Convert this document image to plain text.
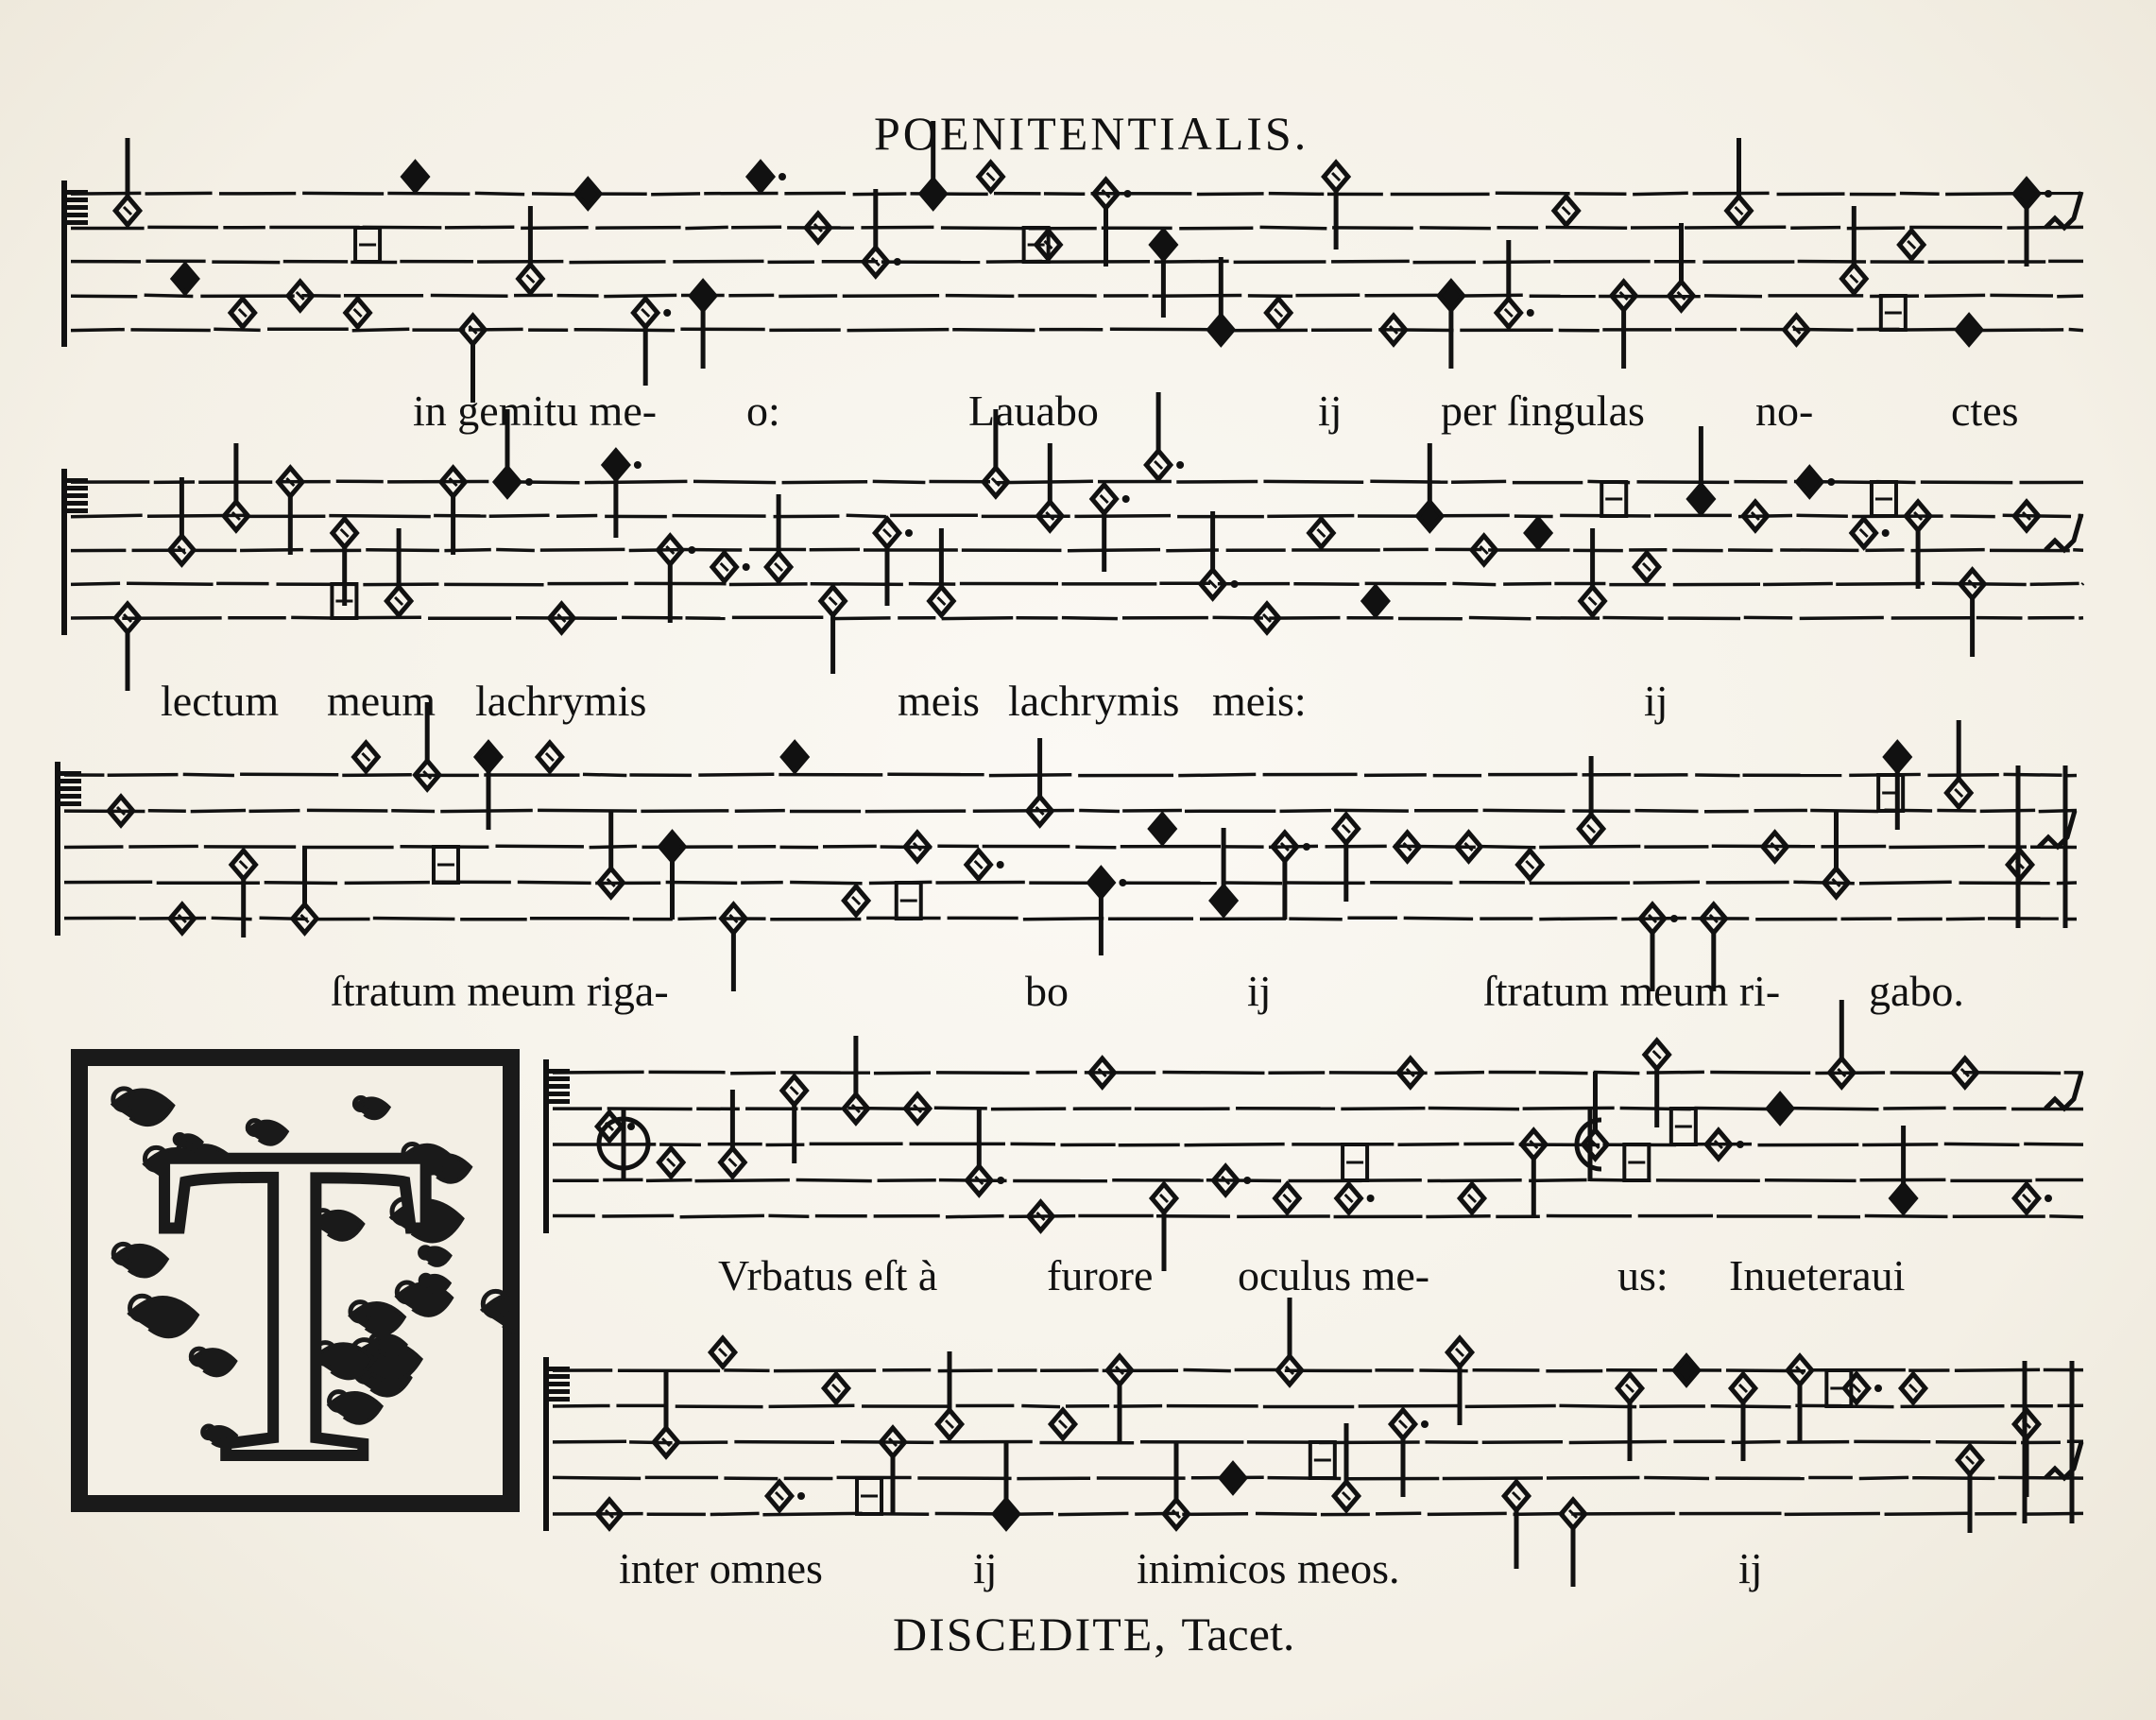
POENITENTIALIS.
in gemitu me- o:	Lauabo	ij per ſingulas	no-	ctes
lectum meum lachrymis	meis lachrymis meis:	ij
ſtratum meum riga-	bo	ij	ſtratum meum ri- gabo.
T	Vrbatus eſt à	furore oculus me-	us: Inueteraui
inter omnes	ij	inimicos meos.	ij
DISCEDITE, Tacet.
